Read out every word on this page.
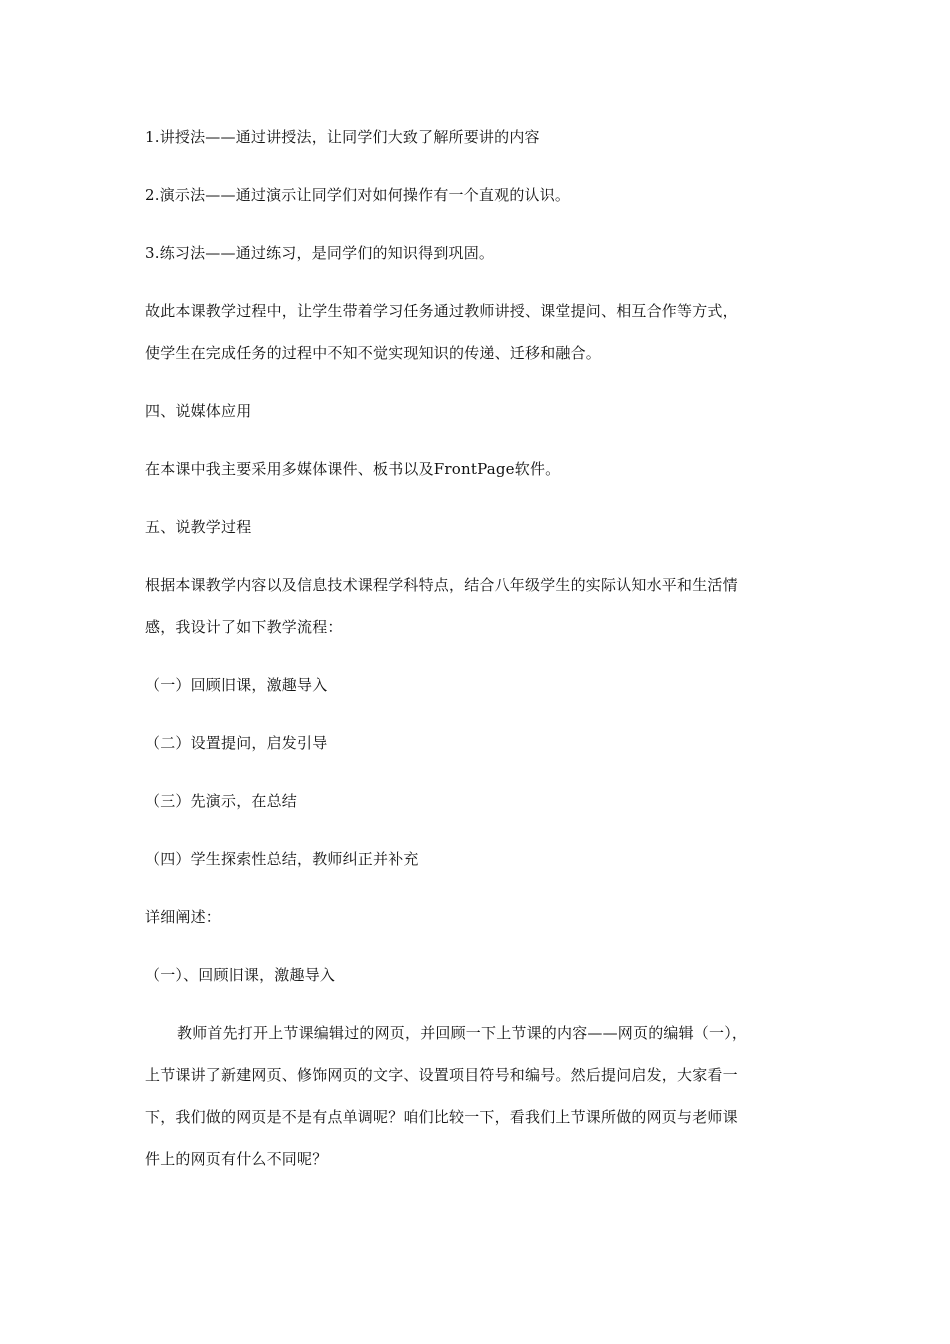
1.讲授法——通过讲授法，让同学们大致了解所要讲的内容
2.演示法——通过演示让同学们对如何操作有一个直观的认识。
3.练习法——通过练习，是同学们的知识得到巩固。
故此本课教学过程中，让学生带着学习任务通过教师讲授、课堂提问、相互合作等方式，
使学生在完成任务的过程中不知不觉实现知识的传递、迁移和融合。
四、说媒体应用
在本课中我主要采用多媒体课件、板书以及FrontPage软件。
五、说教学过程
根据本课教学内容以及信息技术课程学科特点，结合八年级学生的实际认知水平和生活情
感，我设计了如下教学流程：
（一）回顾旧课，激趣导入
（二）设置提问，启发引导
（三）先演示，在总结
（四）学生探索性总结，教师纠正并补充
详细阐述：
（一）、回顾旧课，激趣导入
教师首先打开上节课编辑过的网页，并回顾一下上节课的内容——网页的编辑（一），
上节课讲了新建网页、修饰网页的文字、设置项目符号和编号。然后提问启发，大家看一
下，我们做的网页是不是有点单调呢？咱们比较一下，看我们上节课所做的网页与老师课
件上的网页有什么不同呢？
